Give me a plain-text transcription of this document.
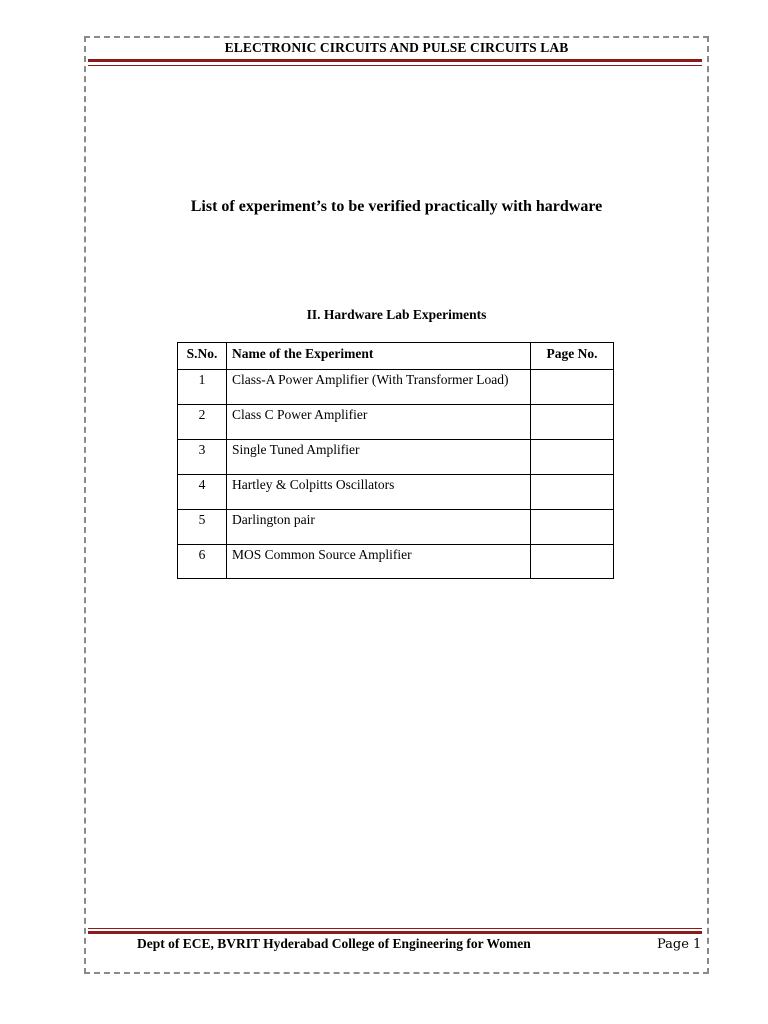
ELECTRONIC CIRCUITS AND PULSE CIRCUITS LAB
List of experiment’s to be verified practically with hardware
II. Hardware Lab Experiments
S.No.	Name of the Experiment	Page No.
1	Class-A Power Amplifier (With Transformer Load)	
2	Class C Power Amplifier	
3	Single Tuned Amplifier	
4	Hartley & Colpitts Oscillators	
5	Darlington pair	
6	MOS Common Source Amplifier	
Dept of ECE, BVRIT Hyderabad College of Engineering for Women	Page 1
